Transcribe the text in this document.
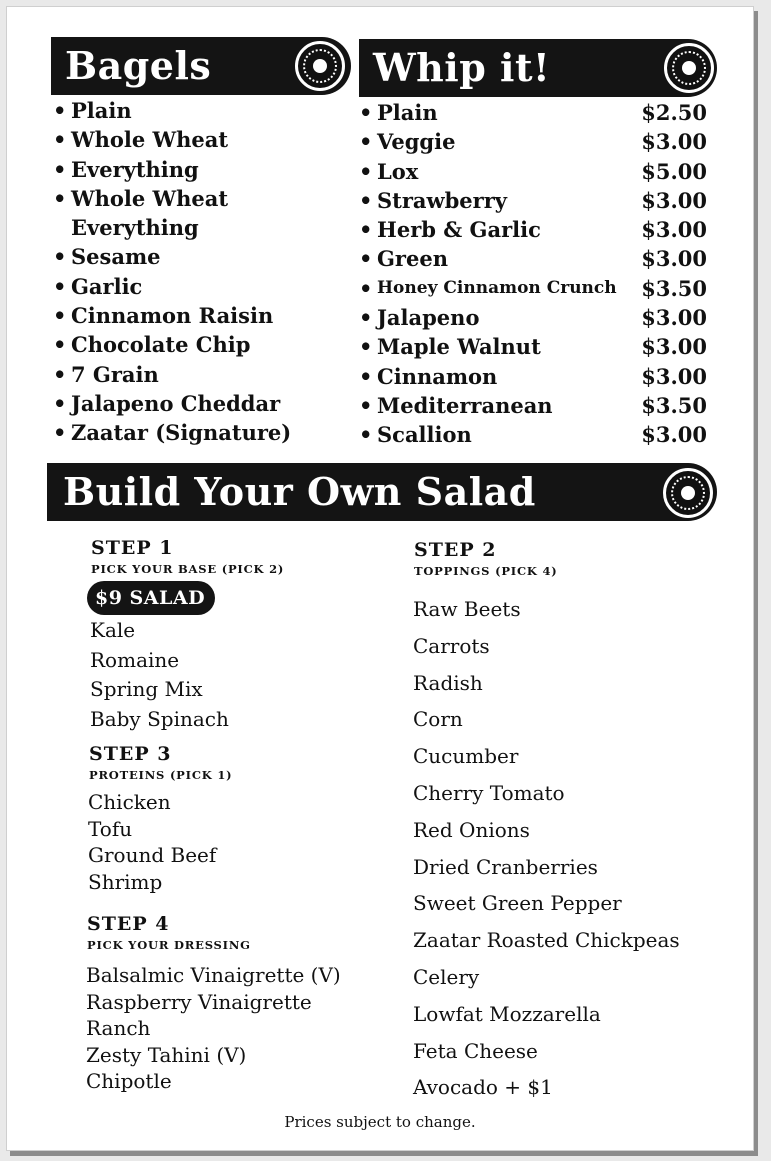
Bagels
• Plain
• Whole Wheat
• Everything
• Whole Wheat
Everything
• Sesame
• Garlic
• Cinnamon Raisin
• Chocolate Chip
• 7 Grain
• Jalapeno Cheddar
• Zaatar (Signature)
Whip it!
• Plain	$2.50
• Veggie	$3.00
• Lox	$5.00
• Strawberry	$3.00
• Herb & Garlic	$3.00
• Green	$3.00
• Honey Cinnamon Crunch $3.50
• Jalapeno	$3.00
• Maple Walnut	$3.00
• Cinnamon	$3.00
• Mediterranean	$3.50
• Scallion	$3.00
Build Your Own Salad
STEP 1
PICK YOUR BASE (PICK 2)
$9 SALAD
Kale
Romaine
Spring Mix
Baby Spinach
STEP 3
PROTEINS (PICK 1)
Chicken
Tofu
Ground Beef
Shrimp
STEP 4
PICK YOUR DRESSING
Balsalmic Vinaigrette (V)
Raspberry Vinaigrette
Ranch
Zesty Tahini (V)
Chipotle
STEP 2
TOPPINGS (PICK 4)
Raw Beets
Carrots
Radish
Corn
Cucumber
Cherry Tomato
Red Onions
Dried Cranberries
Sweet Green Pepper
Zaatar Roasted Chickpeas
Celery
Lowfat Mozzarella
Feta Cheese
Avocado + $1
Prices subject to change.
